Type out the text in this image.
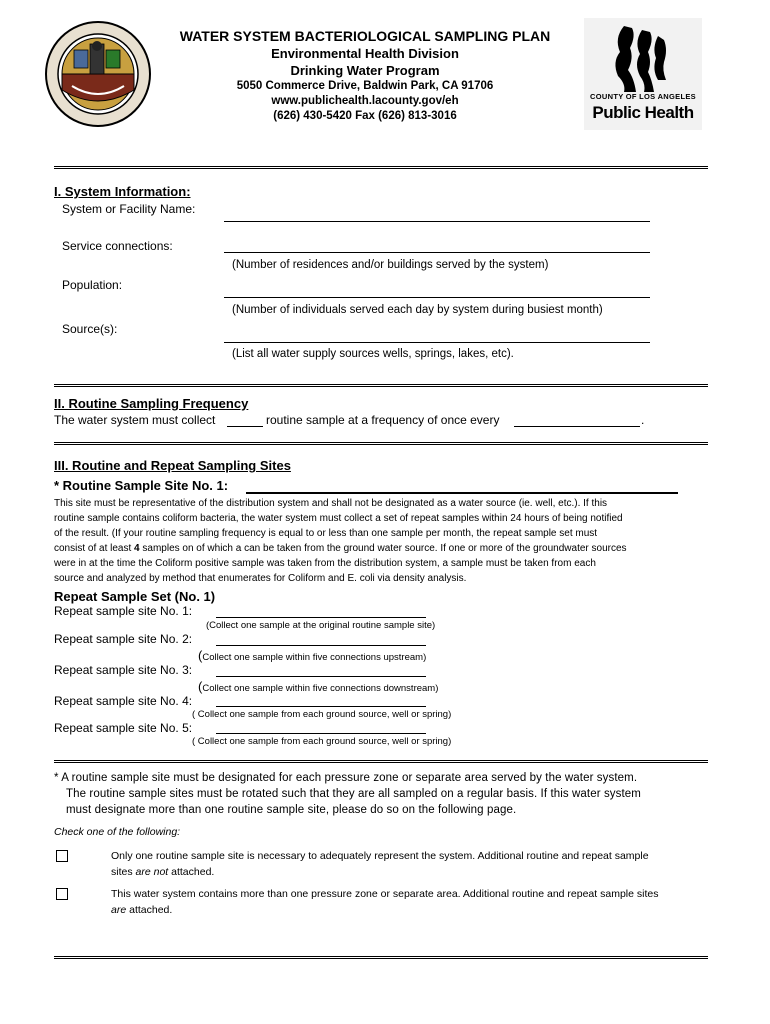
WATER SYSTEM BACTERIOLOGICAL SAMPLING PLAN
Environmental Health Division
Drinking Water Program
5050 Commerce Drive, Baldwin Park, CA 91706
www.publichealth.lacounty.gov/eh
(626) 430-5420 Fax (626) 813-3016
COUNTY OF LOS ANGELES
Public Health
I. System Information:
System or Facility Name:
Service connections:
(Number of residences and/or buildings served by the system)
Population:
(Number of individuals served each day by system during busiest month)
Source(s):
(List all water supply sources wells, springs, lakes, etc).
II. Routine Sampling Frequency
The water system must collect	routine sample at a frequency of once every	.
III. Routine and Repeat Sampling Sites
* Routine Sample Site No. 1:
This site must be representative of the distribution system and shall not be designated as a water source (ie. well, etc.). If this
routine sample contains coliform bacteria, the water system must collect a set of repeat samples within 24 hours of being notified
of the result. (If your routine sampling frequency is equal to or less than one sample per month, the repeat sample set must
consist of at least 4 samples on of which a can be taken from the ground water source. If one or more of the groundwater sources
were in at the time the Coliform positive sample was taken from the distribution system, a sample must be taken from each
source and analyzed by method that enumerates for Coliform and E. coli via density analysis.
Repeat Sample Set (No. 1)
Repeat sample site No. 1:
(Collect one sample at the original routine sample site)
Repeat sample site No. 2:
(Collect one sample within five connections upstream)
Repeat sample site No. 3:
(Collect one sample within five connections downstream)
Repeat sample site No. 4:
( Collect one sample from each ground source, well or spring)
Repeat sample site No. 5:
( Collect one sample from each ground source, well or spring)
* A routine sample site must be designated for each pressure zone or separate area served by the water system.
The routine sample sites must be rotated such that they are all sampled on a regular basis. If this water system
must designate more than one routine sample site, please do so on the following page.
Check one of the following:
Only one routine sample site is necessary to adequately represent the system. Additional routine and repeat sample
sites are not attached.
This water system contains more than one pressure zone or separate area. Additional routine and repeat sample sites
are attached.
